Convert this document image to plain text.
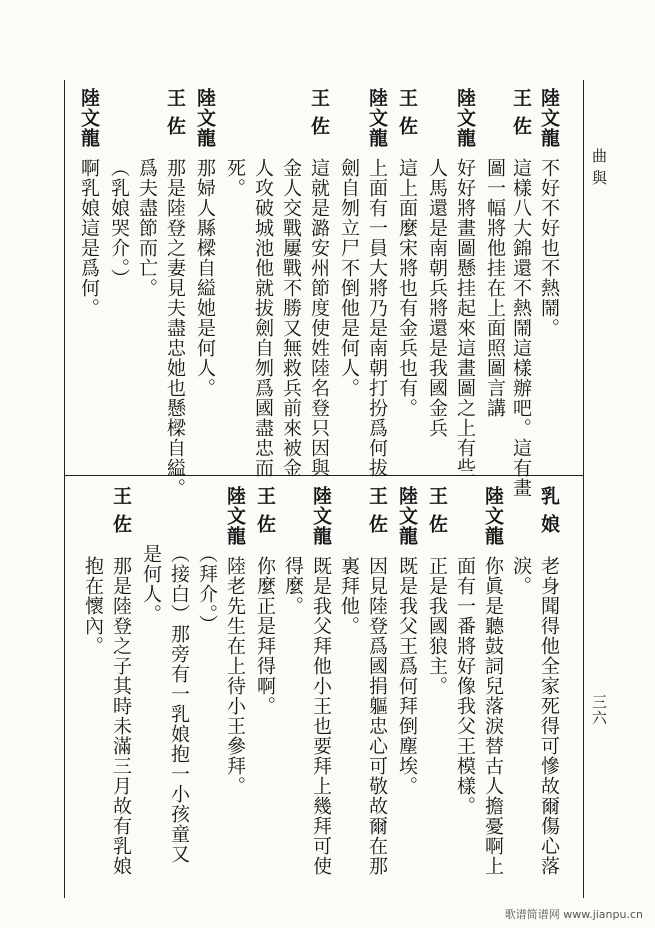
曲 與
三六
陸文龍
不好不好也不熱鬧。
王 佐
這樣八大錦還不熱鬧這樣辦吧。這有畫
圖一幅將他挂在上面照圖言講
陸文龍
好好將畫圖懸挂起來這畫圖之上有些
人馬還是南朝兵將還是我國金兵
王 佐
這上面麼宋將也有金兵也有。
陸文龍
上面有一員大將乃是南朝打扮爲何拔
劍自刎立尸不倒他是何人。
王 佐
這就是潞安州節度使姓陸名登只因與
金人交戰屢戰不勝又無救兵前來被金
人攻破城池他就拔劍自刎爲國盡忠而
死。
陸文龍
那婦人縣樑自縊她是何人。
王 佐
那是陸登之妻見夫盡忠她也懸樑自縊。
爲夫盡節而亡。
（乳娘哭介。）
陸文龍
啊乳娘這是爲何。
乳 娘
老身聞得他全家死得可慘故爾傷心落
淚。
陸文龍
你眞是聽鼓詞兒落淚替古人擔憂啊上
面有一番將好像我父王模樣。
王 佐
正是我國狼主。
陸文龍
既是我父王爲何拜倒塵埃。
王 佐
因見陸登爲國捐軀忠心可敬故爾在那
裏拜他。
陸文龍
既是我父拜他小王也要拜上幾拜可使
得麼。
王 佐
你麼正是拜得啊。
陸文龍
陸老先生在上待小王參拜。
（拜介。）
（接白）那旁有一乳娘抱一小孩童又
是何人。
王 佐
那是陸登之子其時未滿三月故有乳娘
抱在懷內。
歌谱简谱网 www.jianpu.cn
